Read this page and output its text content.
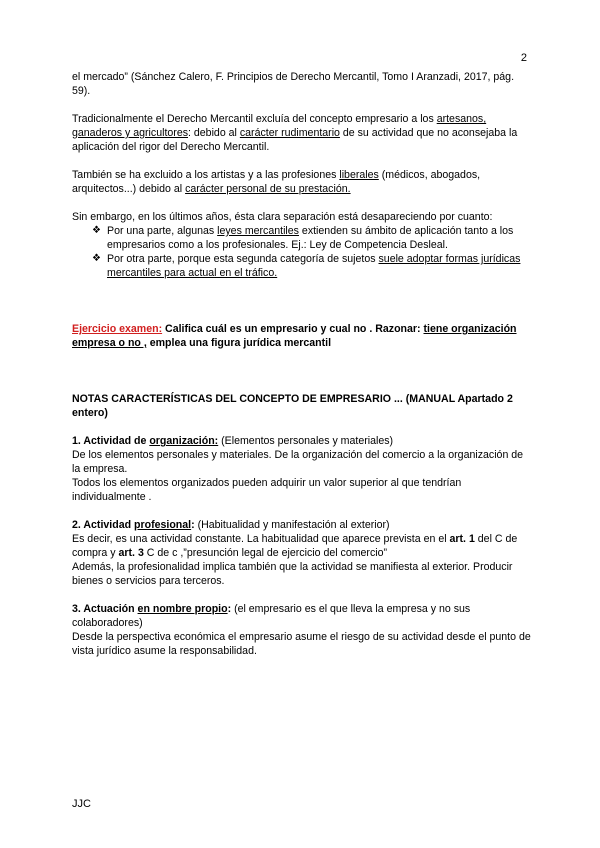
2

el mercado” (Sánchez Calero, F. Principios de Derecho Mercantil, Tomo I Aranzadi, 2017, pág. 59).

Tradicionalmente el Derecho Mercantil excluía del concepto empresario a los artesanos, ganaderos y agricultores: debido al carácter rudimentario de su actividad que no aconsejaba la aplicación del rigor del Derecho Mercantil.

También se ha excluido a los artistas y a las profesiones liberales (médicos, abogados, arquitectos...) debido al carácter personal de su prestación.

Sin embargo, en los últimos años, ésta clara separación está desapareciendo por cuanto:

❖ Por una parte, algunas leyes mercantiles extienden su ámbito de aplicación tanto a los empresarios como a los profesionales. Ej.: Ley de Competencia Desleal.
❖ Por otra parte, porque esta segunda categoría de sujetos suele adoptar formas jurídicas mercantiles para actual en el tráfico.

Ejercicio examen: Califica cuál es un empresario y cual no . Razonar: tiene organización empresa o no , emplea una figura jurídica mercantil

NOTAS CARACTERÍSTICAS DEL CONCEPTO DE EMPRESARIO ... (MANUAL Apartado 2 entero)

1. Actividad de organización: (Elementos personales y materiales)

De los elementos personales y materiales. De la organización del comercio a la organización de la empresa.

Todos los elementos organizados pueden adquirir un valor superior al que tendrían individualmente .

2. Actividad profesional: (Habitualidad y manifestación al exterior)

Es decir, es una actividad constante. La habitualidad que aparece prevista en el art. 1 del C de compra y art. 3 C de c ,”presunción legal de ejercicio del comercio”

Además, la profesionalidad implica también que la actividad se manifiesta al exterior. Producir bienes o servicios para terceros.

3. Actuación en nombre propio: (el empresario es el que lleva la empresa y no sus colaboradores)

Desde la perspectiva económica el empresario asume el riesgo de su actividad desde el punto de vista jurídico asume la responsabilidad.

JJC
